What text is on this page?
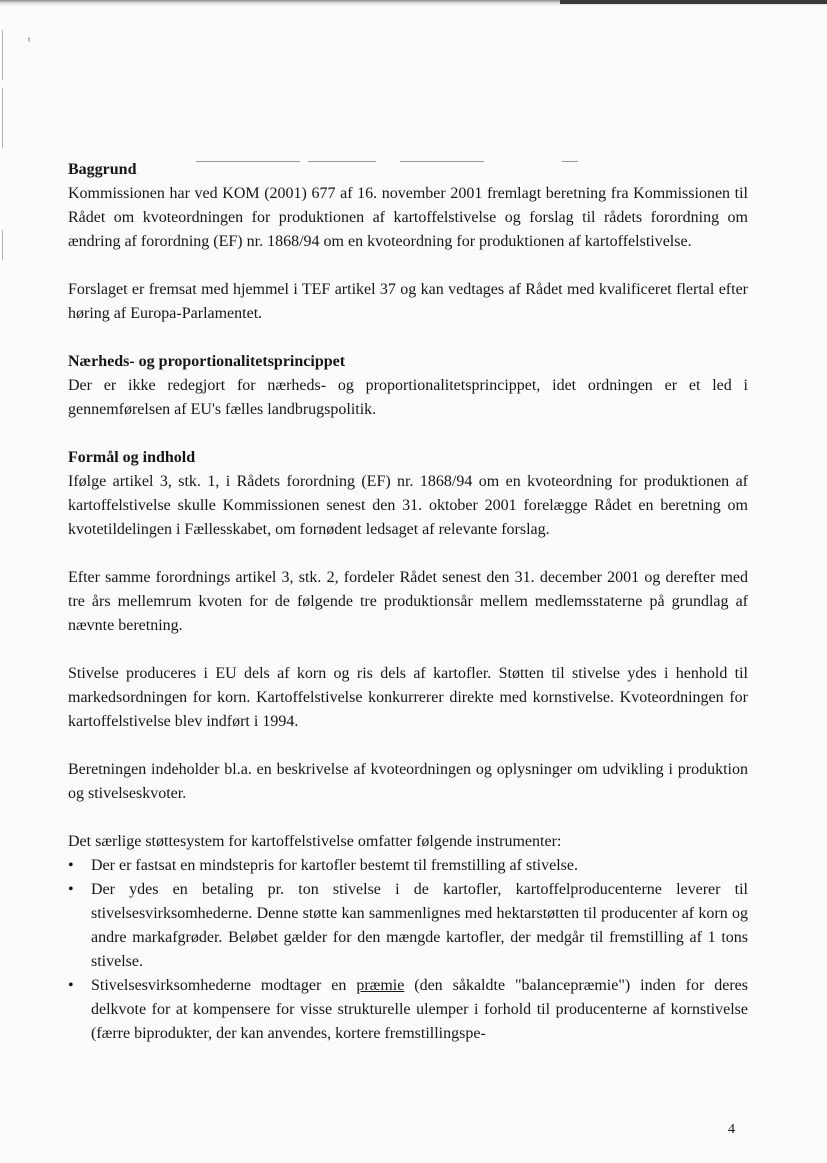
ᵗ
Baggrund

Kommissionen har ved KOM (2001) 677 af 16. november 2001 fremlagt beretning fra Kommissionen til Rådet om kvoteordningen for produktionen af kartoffelstivelse og forslag til rådets forordning om ændring af forordning (EF) nr. 1868/94 om en kvoteordning for produktionen af kartoffelstivelse.

Forslaget er fremsat med hjemmel i TEF artikel 37 og kan vedtages af Rådet med kvalificeret flertal efter høring af Europa-Parlamentet.

Nærheds- og proportionalitetsprincippet

Der er ikke redegjort for nærheds- og proportionalitetsprincippet, idet ordningen er et led i gennemførelsen af EU's fælles landbrugspolitik.

Formål og indhold

Ifølge artikel 3, stk. 1, i Rådets forordning (EF) nr. 1868/94 om en kvoteordning for produktionen af kartoffelstivelse skulle Kommissionen senest den 31. oktober 2001 forelægge Rådet en beretning om kvotetildelingen i Fællesskabet, om fornødent ledsaget af relevante forslag.

Efter samme forordnings artikel 3, stk. 2, fordeler Rådet senest den 31. december 2001 og derefter med tre års mellemrum kvoten for de følgende tre produktionsår mellem medlemsstaterne på grundlag af nævnte beretning.

Stivelse produceres i EU dels af korn og ris dels af kartofler. Støtten til stivelse ydes i henhold til markedsordningen for korn. Kartoffelstivelse konkurrerer direkte med kornstivelse. Kvoteordningen for kartoffelstivelse blev indført i 1994.

Beretningen indeholder bl.a. en beskrivelse af kvoteordningen og oplysninger om udvikling i produktion og stivelseskvoter.

Det særlige støttesystem for kartoffelstivelse omfatter følgende instrumenter:

• Der er fastsat en mindstepris for kartofler bestemt til fremstilling af stivelse.
• Der ydes en betaling pr. ton stivelse i de kartofler, kartoffelproducenterne leverer til stivelsesvirksomhederne. Denne støtte kan sammenlignes med hektarstøtten til producenter af korn og andre markafgrøder. Beløbet gælder for den mængde kartofler, der medgår til fremstilling af 1 tons stivelse.
• Stivelsesvirksomhederne modtager en præmie (den såkaldte "balancepræmie") inden for deres delkvote for at kompensere for visse strukturelle ulemper i forhold til producenterne af kornstivelse (færre biprodukter, der kan anvendes, kortere fremstillingspe-
4
